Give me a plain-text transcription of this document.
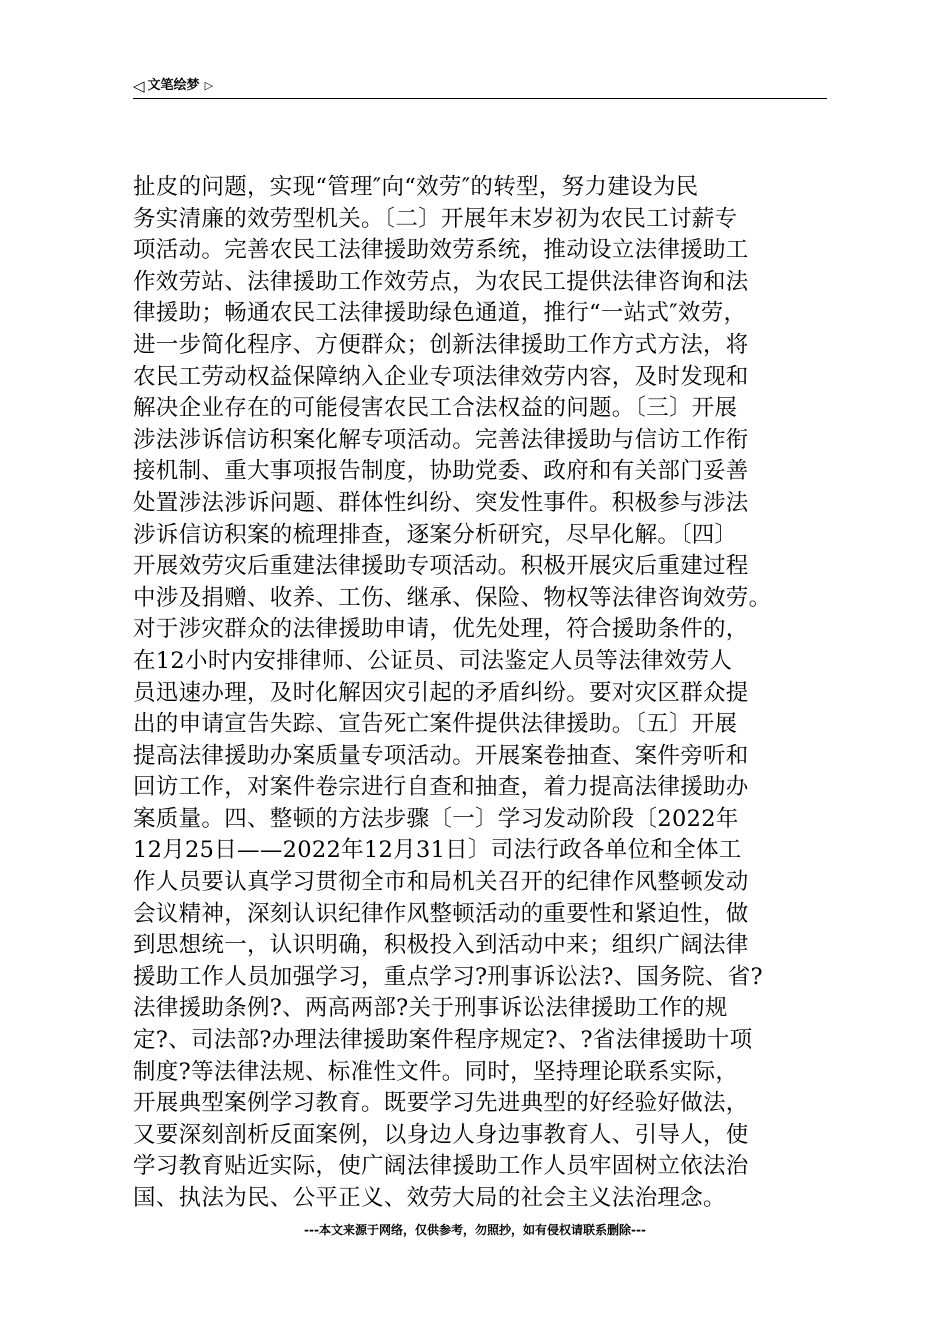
◁ 文笔绘梦 ▷
扯皮的问题，实现“管理″向“效劳″的转型，努力建设为民
务实清廉的效劳型机关。〔二〕开展年末岁初为农民工讨薪专
项活动。完善农民工法律援助效劳系统，推动设立法律援助工
作效劳站、法律援助工作效劳点，为农民工提供法律咨询和法
律援助；畅通农民工法律援助绿色通道，推行“一站式″效劳，
进一步简化程序、方便群众；创新法律援助工作方式方法，将
农民工劳动权益保障纳入企业专项法律效劳内容，及时发现和
解决企业存在的可能侵害农民工合法权益的问题。〔三〕开展
涉法涉诉信访积案化解专项活动。完善法律援助与信访工作衔
接机制、重大事项报告制度，协助党委、政府和有关部门妥善
处置涉法涉诉问题、群体性纠纷、突发性事件。积极参与涉法
涉诉信访积案的梳理排查，逐案分析研究，尽早化解。〔四〕
开展效劳灾后重建法律援助专项活动。积极开展灾后重建过程
中涉及捐赠、收养、工伤、继承、保险、物权等法律咨询效劳。
对于涉灾群众的法律援助申请，优先处理，符合援助条件的，
在12小时内安排律师、公证员、司法鉴定人员等法律效劳人
员迅速办理，及时化解因灾引起的矛盾纠纷。要对灾区群众提
出的申请宣告失踪、宣告死亡案件提供法律援助。〔五〕开展
提高法律援助办案质量专项活动。开展案卷抽查、案件旁听和
回访工作，对案件卷宗进行自查和抽查，着力提高法律援助办
案质量。四、整顿的方法步骤〔一〕学习发动阶段〔2022年
12月25日——2022年12月31日〕司法行政各单位和全体工
作人员要认真学习贯彻全市和局机关召开的纪律作风整顿发动
会议精神，深刻认识纪律作风整顿活动的重要性和紧迫性，做
到思想统一，认识明确，积极投入到活动中来；组织广阔法律
援助工作人员加强学习，重点学习?刑事诉讼法?、国务院、省?
法律援助条例?、两高两部?关于刑事诉讼法律援助工作的规
定?、司法部?办理法律援助案件程序规定?、?省法律援助十项
制度?等法律法规、标准性文件。同时，坚持理论联系实际，
开展典型案例学习教育。既要学习先进典型的好经验好做法，
又要深刻剖析反面案例，以身边人身边事教育人、引导人，使
学习教育贴近实际，使广阔法律援助工作人员牢固树立依法治
国、执法为民、公平正义、效劳大局的社会主义法治理念。
---本文来源于网络，仅供参考，勿照抄，如有侵权请联系删除---
